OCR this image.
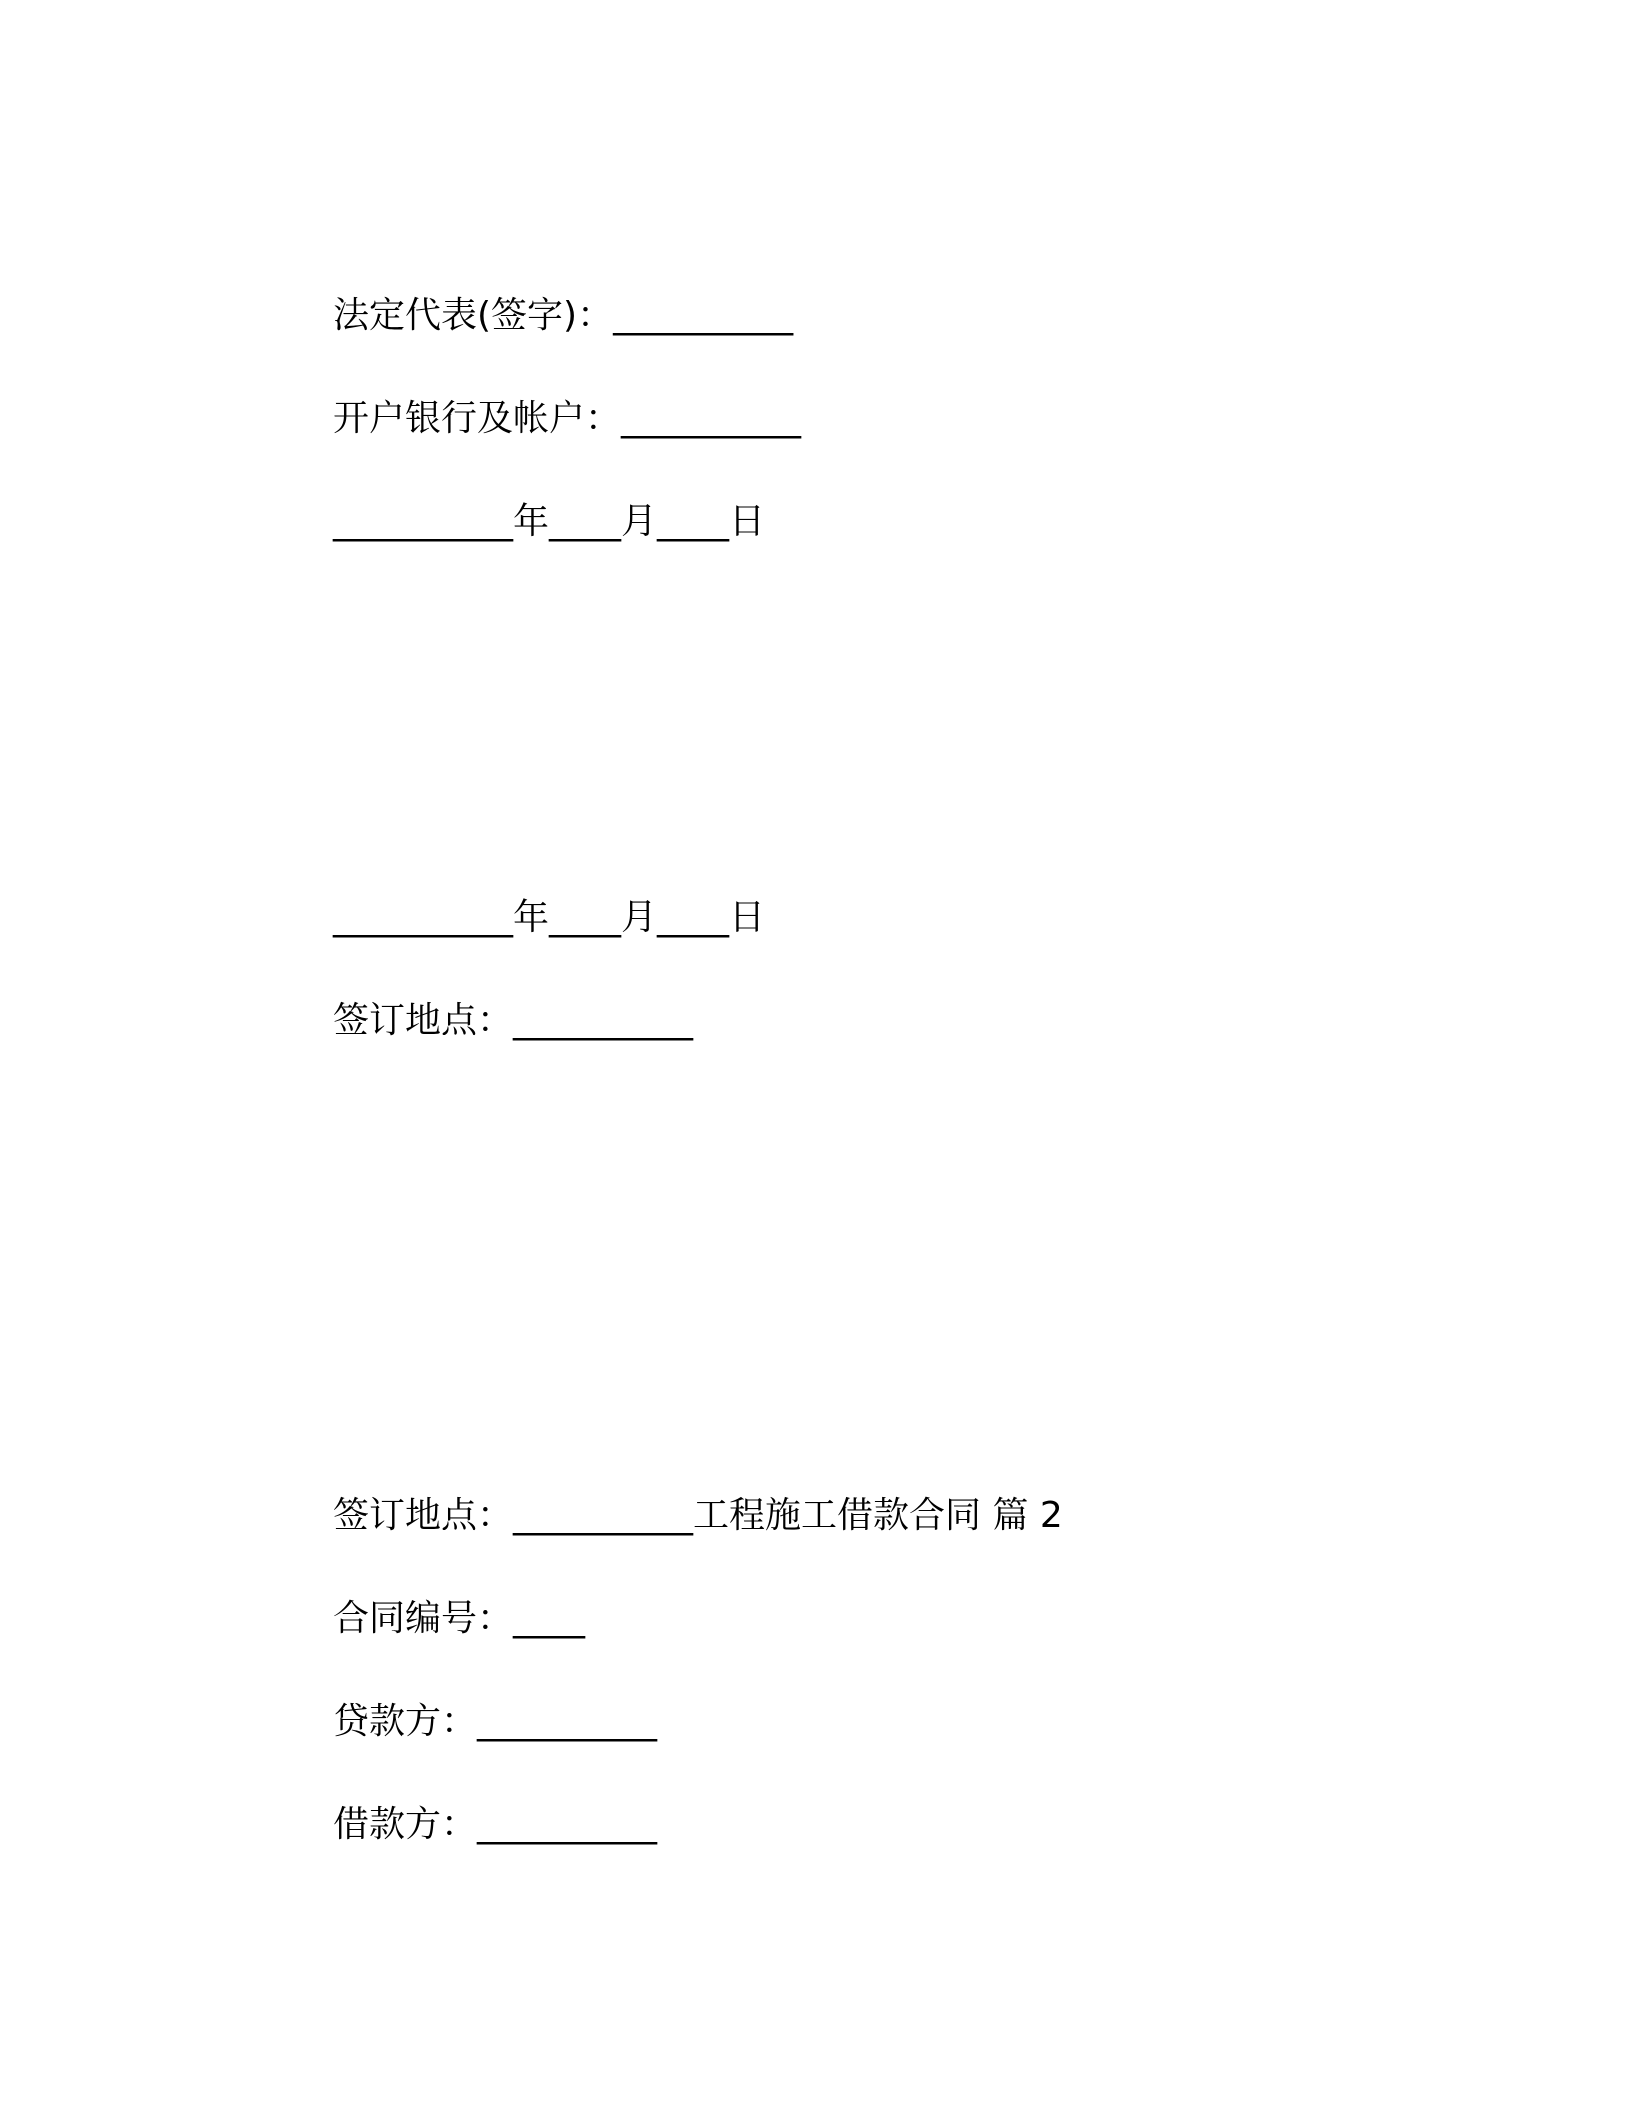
法定代表(签字)：__________
开户银行及帐户：__________
__________年____月____日
__________年____月____日
签订地点：__________
签订地点：__________工程施工借款合同 篇 2
合同编号：____
贷款方：__________
借款方：__________
